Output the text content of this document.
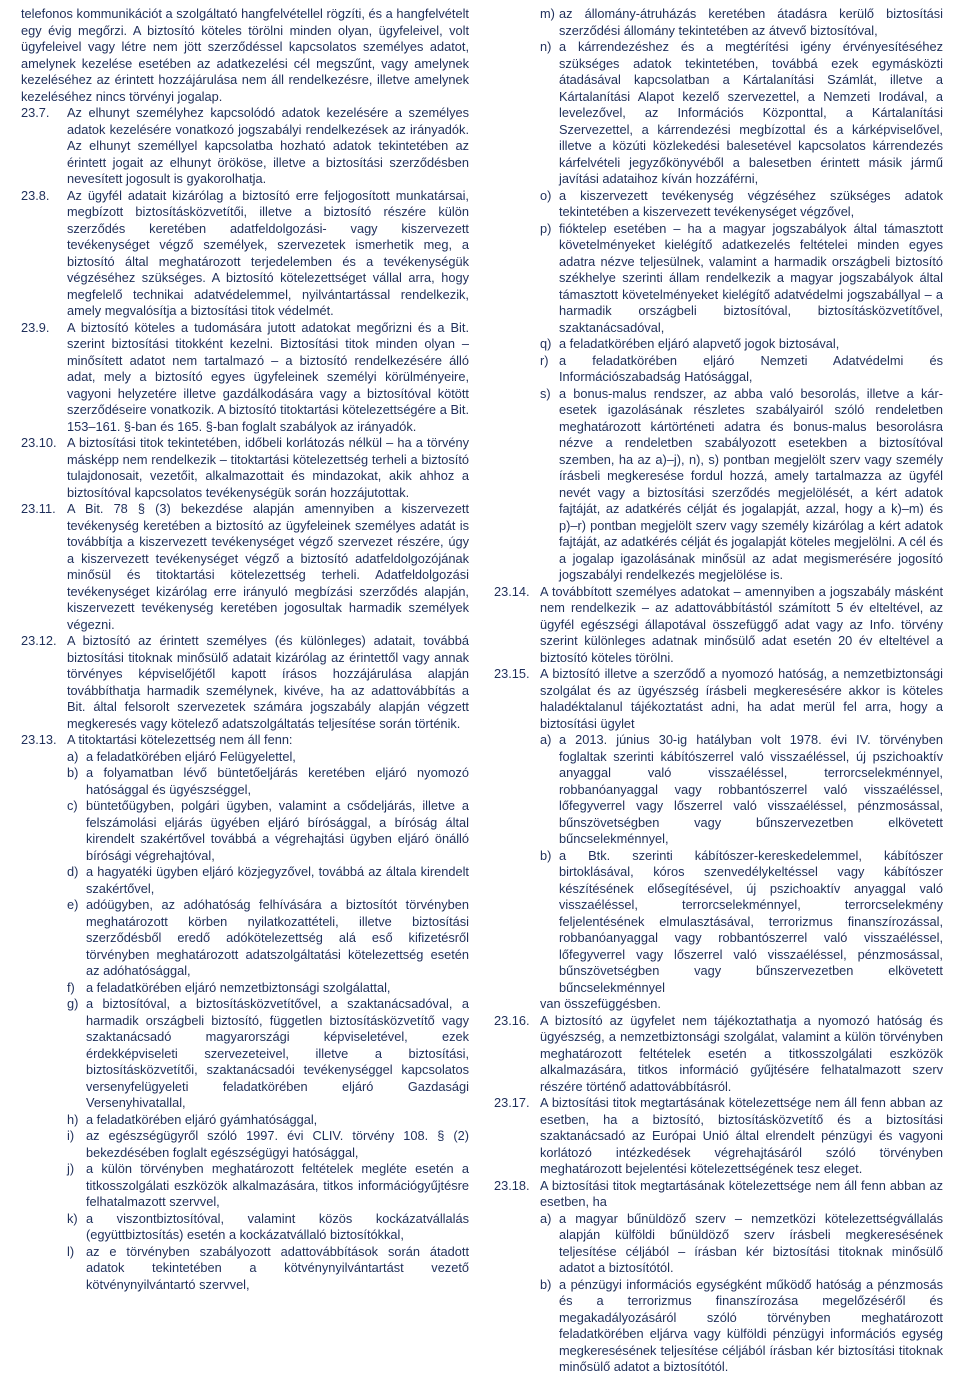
telefonos kommunikációt a szolgáltató hangfelvétellel rögzíti, és a hangfelvételt egy évig megőrzi. A biztosító köteles törölni minden olyan, ügyfeleivel, volt ügyfeleivel vagy létre nem jött szerződéssel kapcsolatos személyes adatot, amelynek kezelése esetében az adatkezelési cél megszűnt, vagy amelynek kezeléséhez az érintett hozzájárulása nem áll rendelkezésre, illetve amelynek kezeléséhez nincs törvényi jogalap.

23.7. Az elhunyt személyhez kapcsolódó adatok kezelésére a személyes adatok kezelésére vonatkozó jogszabályi rendelkezések az irányadók. Az elhunyt személlyel kapcsolatba hozható adatok tekintetében az érintett jogait az elhunyt örököse, illetve a biztosítási szerződésben nevesített jogosult is gyakorolhatja.
23.8. Az ügyfél adatait kizárólag a biztosító erre feljogosított munkatársai, megbízott biztosításközvetítői, illetve a biztosító részére külön szerződés keretében adatfeldolgozási- vagy kiszervezett tevékenységet végző személyek, szervezetek ismerhetik meg, a biztosító által meghatározott terjedelemben és a tevékenységük végzéséhez szükséges. A biztosító kötelezettséget vállal arra, hogy megfelelő technikai adatvédelemmel, nyilvántartással rendelkezik, amely megvalósítja a biztosítási titok védelmét.
23.9. A biztosító köteles a tudomására jutott adatokat megőrizni és a Bit. szerint biztosítási titokként kezelni. Biztosítási titok minden olyan – minősített adatot nem tartalmazó – a biztosító rendelkezésére álló adat, mely a biztosító egyes ügyfeleinek személyi körülményeire, vagyoni helyzetére illetve gazdálkodására vagy a biztosítóval kötött szerződéseire vonatkozik. A biztosító titoktartási kötelezettségére a Bit. 153–161. §-ban és 165. §-ban foglalt szabályok az irányadók.
23.10. A biztosítási titok tekintetében, időbeli korlátozás nélkül – ha a törvény másképp nem rendelkezik – titoktartási kötelezettség terheli a biztosító tulajdonosait, vezetőit, alkalmazottait és mindazokat, akik ahhoz a biztosítóval kapcsolatos tevékenységük során hozzájutottak.
23.11. A Bit. 78 § (3) bekezdése alapján amennyiben a kiszervezett tevékenység keretében a biztosító az ügyfeleinek személyes adatát is továbbítja a kiszervezett tevékenységet végző szervezet részére, úgy a kiszervezett tevékenységet végző a biztosító adatfeldolgozójának minősül és titoktartási kötelezettség terheli. Adatfeldolgozási tevékenységet kizárólag erre irányuló megbízási szerződés alapján, kiszervezett tevékenység keretében jogosultak harmadik személyek végezni.
23.12. A biztosító az érintett személyes (és különleges) adatait, továbbá biztosítási titoknak minősülő adatait kizárólag az érintettől vagy annak törvényes képviselőjétől kapott írásos hozzájárulása alapján továbbíthatja harmadik személynek, kivéve, ha az adattovábbítás a Bit. által felsorolt szervezetek számára jogszabály alapján végzett megkeresés vagy kötelező adatszolgáltatás teljesítése során történik.
23.13. A titoktartási kötelezettség nem áll fenn:
a) a feladatkörében eljáró Felügyelettel,
b) a folyamatban lévő büntetőeljárás keretében eljáró nyomozó hatósággal és ügyészséggel,
c) büntetőügyben, polgári ügyben, valamint a csődeljárás, illetve a felszámolási eljárás ügyében eljáró bírósággal, a bíróság által kirendelt szakértővel továbbá a végrehajtási ügyben eljáró önálló bírósági végrehajtóval,
d) a hagyatéki ügyben eljáró közjegyzővel, továbbá az általa kirendelt szakértővel,
e) adóügyben, az adóhatóság felhívására a biztosítót törvényben meghatározott körben nyilatkozattételi, illetve biztosítási szerződésből eredő adókötelezettség alá eső kifizetésről törvényben meghatározott adatszolgáltatási kötelezettség esetén az adóhatósággal,
f) a feladatkörében eljáró nemzetbiztonsági szolgálattal,
g) a biztosítóval, a biztosításközvetítővel, a szaktanácsadóval, a harmadik országbeli biztosító, független biztosításközvetítő vagy szaktanácsadó magyarországi képviseletével, ezek érdekképviseleti szervezeteivel, illetve a biztosítási, biztosításközvetítői, szaktanácsadói tevékenységgel kapcsolatos versenyfelügyeleti feladatkörében eljáró Gazdasági Versenyhivatallal,
h) a feladatkörében eljáró gyámhatósággal,
i) az egészségügyről szóló 1997. évi CLIV. törvény 108. § (2) bekezdésében foglalt egészségügyi hatósággal,
j) a külön törvényben meghatározott feltételek megléte esetén a titkosszolgálati eszközök alkalmazására, titkos információgyűjtésre felhatalmazott szervvel,
k) a viszontbiztosítóval, valamint közös kockázatvállalás (együttbiztosítás) esetén a kockázatvállaló biztosítókkal,
l) az e törvényben szabályozott adattovábbítások során átadott adatok tekintetében a kötvénynyilvántartást vezető kötvénynyilvántartó szervvel,
m) az állomány-átruházás keretében átadásra kerülő biztosítási szerződési állomány tekintetében az átvevő biztosítóval,
n) a kárrendezéshez és a megtérítési igény érvényesítéséhez szükséges adatok tekintetében, továbbá ezek egymásközti átadásával kapcsolatban a Kártalanítási Számlát, illetve a Kártalanítási Alapot kezelő szervezettel, a Nemzeti Irodával, a levelezővel, az Információs Központtal, a Kártalanítási Szervezettel, a kárrendezési megbízottal és a kárképviselővel, illetve a közúti közlekedési balesetével kapcsolatos kárrendezés kárfelvételi jegyzőkönyvéből a balesetben érintett másik jármű javítási adataihoz kíván hozzáférni,
o) a kiszervezett tevékenység végzéséhez szükséges adatok tekintetében a kiszervezett tevékenységet végzővel,
p) fióktelep esetében – ha a magyar jogszabályok által támasztott követelményeket kielégítő adatkezelés feltételei minden egyes adatra nézve teljesülnek, valamint a harmadik országbeli biztosító székhelye szerinti állam rendelkezik a magyar jogszabályok által támasztott követelményeket kielégítő adatvédelmi jogszabállyal – a harmadik országbeli biztosítóval, biztosításközvetítővel, szaktanácsadóval,
q) a feladatkörében eljáró alapvető jogok biztosával,
r) a feladatkörében eljáró Nemzeti Adatvédelmi és Információszabadság Hatósággal,
s) a bonus-malus rendszer, az abba való besorolás, illetve a kár-esetek igazolásának részletes szabályairól szóló rendeletben meghatározott kártörténeti adatra és bonus-malus besorolásra nézve a rendeletben szabályozott esetekben a biztosítóval szemben, ha az a)–j), n), s) pontban megjelölt szerv vagy személy írásbeli megkeresése fordul hozzá, amely tartalmazza az ügyfél nevét vagy a biztosítási szerződés megjelölését, a kért adatok fajtáját, az adatkérés célját és jogalapját, azzal, hogy a k)–m) és p)–r) pontban megjelölt szerv vagy személy kizárólag a kért adatok fajtáját, az adatkérés célját és jogalapját köteles megjelölni. A cél és a jogalap igazolásának minősül az adat megismerésére jogosító jogszabályi rendelkezés megjelölése is.
23.14. A továbbított személyes adatokat – amennyiben a jogszabály másként nem rendelkezik – az adattovábbítástól számított 5 év elteltével, az ügyfél egészségi állapotával összefüggő adat vagy az Info. törvény szerint különleges adatnak minősülő adat esetén 20 év elteltével a biztosító köteles törölni.
23.15. A biztosító illetve a szerződő a nyomozó hatóság, a nemzetbiztonsági szolgálat és az ügyészség írásbeli megkeresésére akkor is köteles haladéktalanul tájékoztatást adni, ha adat merül fel arra, hogy a biztosítási ügylet
a) a 2013. június 30-ig hatályban volt 1978. évi IV. törvényben foglaltak szerinti kábítószerrel való visszaéléssel, új pszichoaktív anyaggal való visszaéléssel, terrorcselekménnyel, robbanóanyaggal vagy robbantószerrel való visszaéléssel, lőfegyverrel vagy lőszerrel való visszaéléssel, pénzmosással, bűnszövetségben vagy bűnszervezetben elkövetett bűncselekménnyel,
b) a Btk. szerinti kábítószer-kereskedelemmel, kábítószer birtoklásával, kóros szenvedélykeltéssel vagy kábítószer készítésének elősegítésével, új pszichoaktív anyaggal való visszaéléssel, terrorcselekménnyel, terrorcselekmény feljelentésének elmulasztásával, terrorizmus finanszírozással, robbanóanyaggal vagy robbantószerrel való visszaéléssel, lőfegyverrel vagy lőszerrel való visszaéléssel, pénzmosással, bűnszövetségben vagy bűnszervezetben elkövetett bűncselekménnyel

van összefüggésben.

23.16. A biztosító az ügyfelet nem tájékoztathatja a nyomozó hatóság és ügyészség, a nemzetbiztonsági szolgálat, valamint a külön törvényben meghatározott feltételek esetén a titkosszolgálati eszközök alkalmazására, titkos információ gyűjtésére felhatalmazott szerv részére történő adattovábbításról.
23.17. A biztosítási titok megtartásának kötelezettsége nem áll fenn abban az esetben, ha a biztosító, biztosításközvetítő és a biztosítási szaktanácsadó az Európai Unió által elrendelt pénzügyi és vagyoni korlátozó intézkedések végrehajtásáról szóló törvényben meghatározott bejelentési kötelezettségének tesz eleget.
23.18. A biztosítási titok megtartásának kötelezettsége nem áll fenn abban az esetben, ha
a) a magyar bűnüldöző szerv – nemzetközi kötelezettségvállalás alapján külföldi bűnüldöző szerv írásbeli megkeresésének teljesítése céljából – írásban kér biztosítási titoknak minősülő adatot a biztosítótól.
b) a pénzügyi információs egységként működő hatóság a pénzmosás és a terrorizmus finanszírozása megelőzéséről és megakadályozásáról szóló törvényben meghatározott feladatkörében eljárva vagy külföldi pénzügyi információs egység megkeresésének teljesítése céljából írásban kér biztosítási titoknak minősülő adatot a biztosítótól.
